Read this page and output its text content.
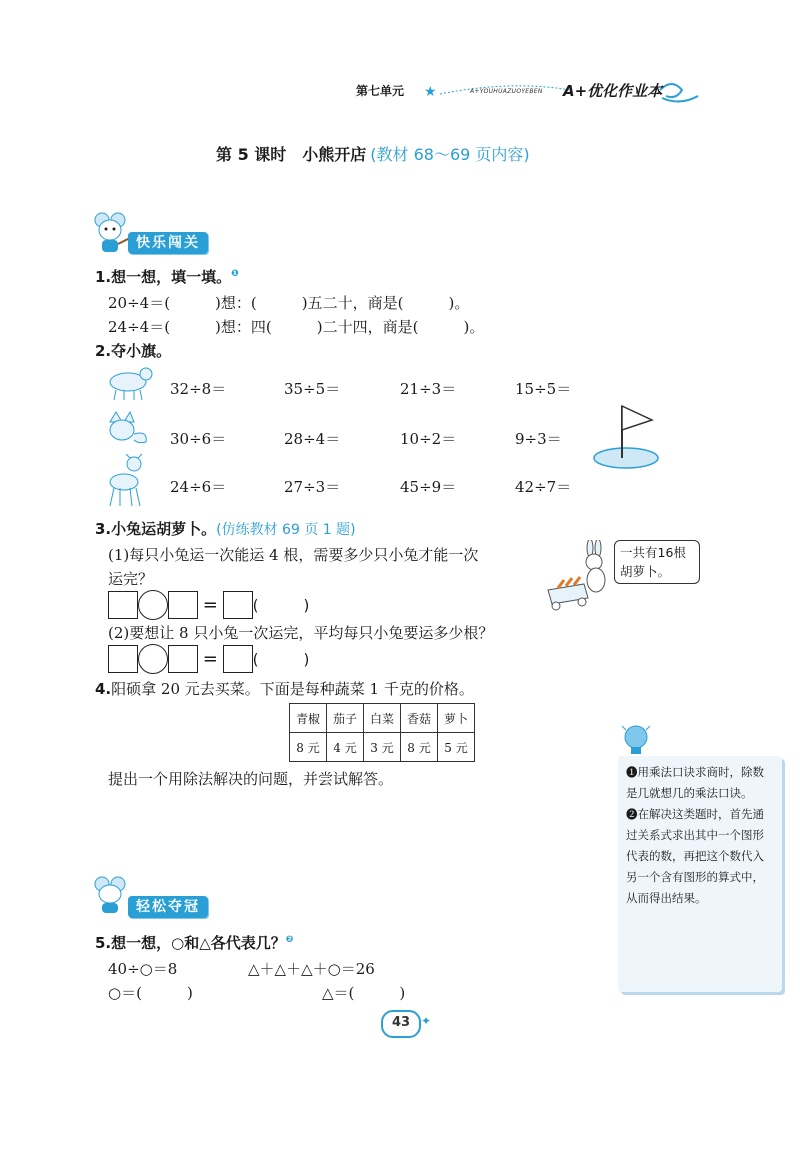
第七单元 ★	A+YOUHUAZUOYEBEN A+优化作业本
第 5 课时　小熊开店 (教材 68～69 页内容)
快乐闯关
1.想一想，填一填。$^❶$
20÷4＝(　　　)想：(　　　)五二十，商是(　　　)。
24÷4＝(　　　)想：四(　　　)二十四，商是(　　　)。
2.夺小旗。
32÷8＝	35÷5＝	21÷3＝	15÷5＝
30÷6＝	28÷4＝	10÷2＝	9÷3＝
24÷6＝	27÷3＝	45÷9＝	42÷7＝
3.小兔运胡萝卜。(仿练教材 69 页 1 题)
(1)每只小兔运一次能运 4 根，需要多少只小兔才能一次
运完？
= (　　　)
(2)要想让 8 只小兔一次运完，平均每只小兔要运多少根？
= (　　　)
一共有16根胡萝卜。
4.阳硕拿 20 元去买菜。下面是每种蔬菜 1 千克的价格。
青椒	茄子	白菜	香菇	萝卜
8 元	4 元	3 元	8 元	5 元
提出一个用除法解决的问题，并尝试解答。	❶用乘法口诀求商时，除数是几就想几的乘法口诀。

❷在解决这类题时，首先通过关系式求出其中一个图形代表的数，再把这个数代入另一个含有图形的算式中，从而得出结果。

轻松夺冠
5.想一想，○和△各代表几？$^❷$
40÷○＝8	△＋△＋△＋○＝26
○＝(　　　)	△＝(　　　)
43 ✦
